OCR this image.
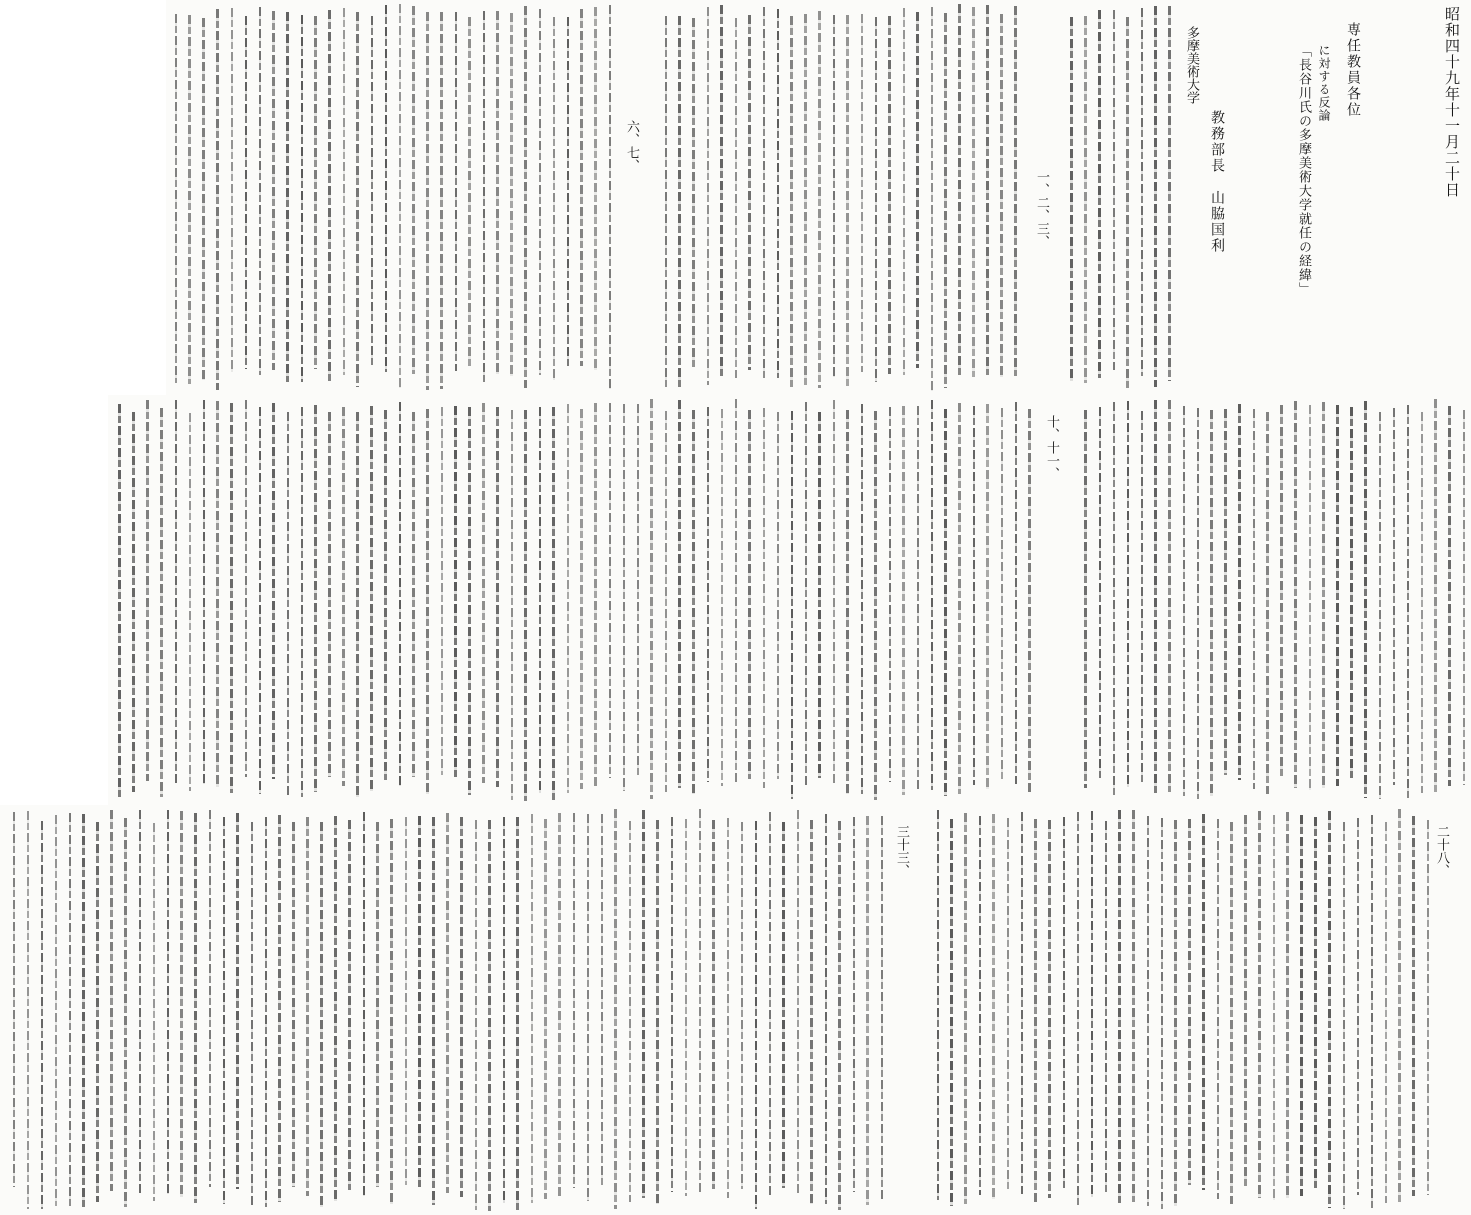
昭和四十九年十一月二十日
専任教員各位
「長谷川氏の多摩美術大学就任の経緯」 に対する反論
多摩美術大学
教務部長　山脇国利
一、二、三、
六、七、
十、十一、
二十八、
三十三、
